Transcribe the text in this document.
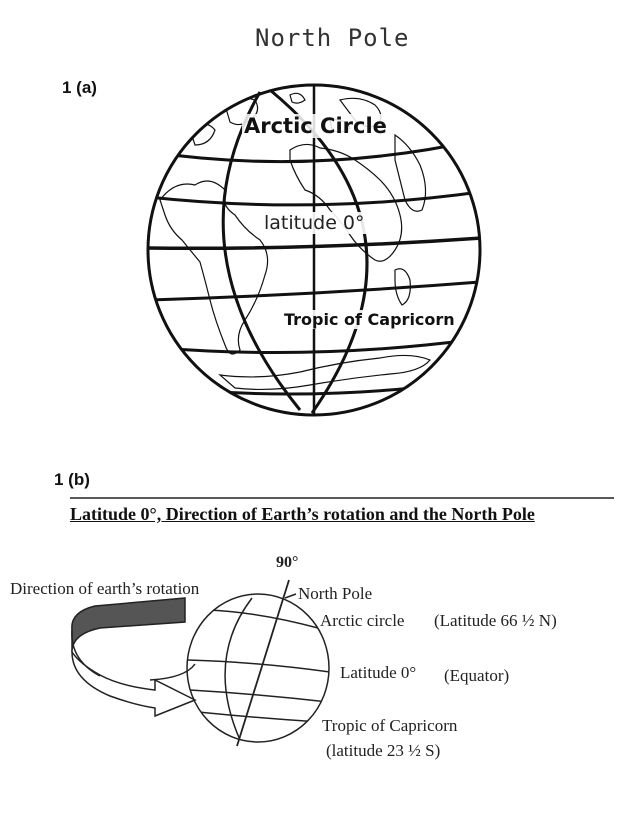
North Pole
1 (a)
Arctic Circle
latitude 0°
Tropic of Capricorn
1 (b)
Latitude 0°, Direction of Earth’s rotation and the North Pole
90°
Direction of earth’s rotation	North Pole
Arctic circle (Latitude 66 ½ N)
Latitude 0° (Equator)
Tropic of Capricorn
(latitude 23 ½ S)
